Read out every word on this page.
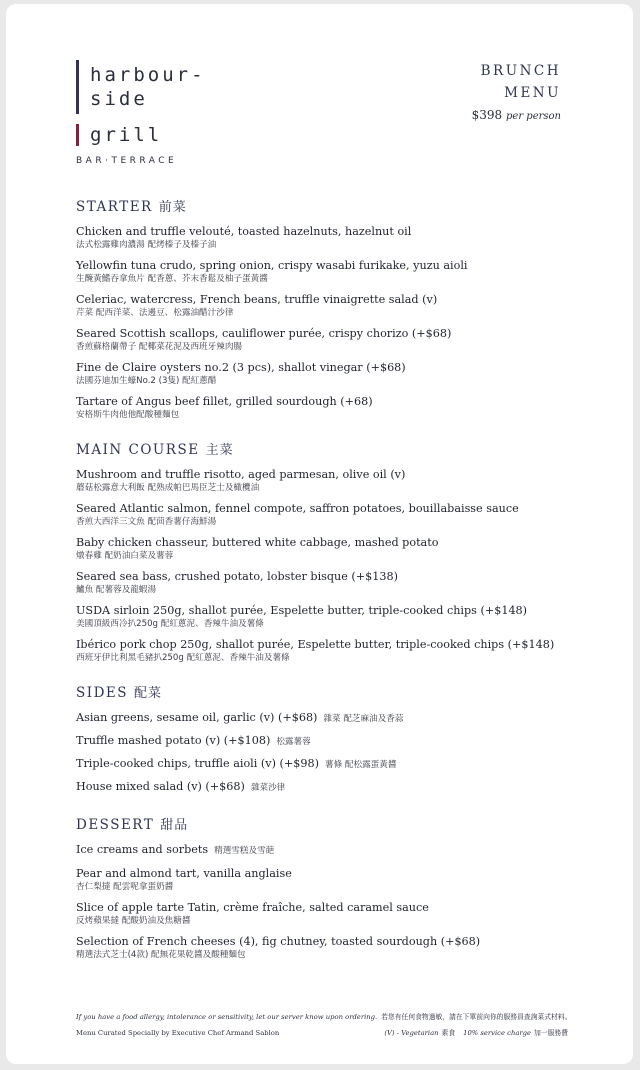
harbour-
side
grill
BAR·TERRACE
BRUNCH
MENU
$398 per person
STARTER 前菜
Chicken and truffle velouté, toasted hazelnuts, hazelnut oil
法式松露雞肉濃湯 配烤榛子及榛子油
Yellowfin tuna crudo, spring onion, crispy wasabi furikake, yuzu aioli
生醃黃鰭吞拿魚片 配香蔥、芥末香鬆及柚子蛋黃醬
Celeriac, watercress, French beans, truffle vinaigrette salad (v)
芹菜 配西洋菜、法邊豆、松露油醋汁沙律
Seared Scottish scallops, cauliflower purée, crispy chorizo (+$68)
香煎蘇格蘭帶子 配椰菜花泥及西班牙辣肉腸
Fine de Claire oysters no.2 (3 pcs), shallot vinegar (+$68)
法國芬迪加生蠔No.2 (3隻) 配紅蔥醋
Tartare of Angus beef fillet, grilled sourdough (+68)
安格斯牛肉他他配酸種麵包
MAIN COURSE 主菜
Mushroom and truffle risotto, aged parmesan, olive oil (v)
蘑菇松露意大利飯 配熟成帕巴馬臣芝士及橄欖油
Seared Atlantic salmon, fennel compote, saffron potatoes, bouillabaisse sauce
香煎大西洋三文魚 配茴香薯仔海鮮湯
Baby chicken chasseur, buttered white cabbage, mashed potato
燉春雞 配奶油白菜及薯蓉
Seared sea bass, crushed potato, lobster bisque (+$138)
鱸魚 配薯蓉及龍蝦湯
USDA sirloin 250g, shallot purée, Espelette butter, triple-cooked chips (+$148)
美國頂級西冷扒250g 配紅蔥泥、香辣牛油及薯條
Ibérico pork chop 250g, shallot purée, Espelette butter, triple-cooked chips (+$148)
西班牙伊比利黑毛豬扒250g 配紅蔥泥、香辣牛油及薯條
SIDES 配菜
Asian greens, sesame oil, garlic (v) (+$68) 雜菜 配芝麻油及香蒜
Truffle mashed potato (v) (+$108) 松露薯蓉
Triple-cooked chips, truffle aioli (v) (+$98) 薯條 配松露蛋黃醬
House mixed salad (v) (+$68) 雜菜沙律
DESSERT 甜品
Ice creams and sorbets 精選雪糕及雪葩
Pear and almond tart, vanilla anglaise
杏仁梨撻 配雲呢拿蛋奶醬
Slice of apple tarte Tatin, crème fraîche, salted caramel sauce
反烤蘋果撻 配酸奶油及焦糖醬
Selection of French cheeses (4), fig chutney, toasted sourdough (+$68)
精選法式芝士(4款) 配無花果乾醬及酸種麵包
If you have a food allergy, intolerance or sensitivity, let our server know upon ordering. 若您有任何食物過敏，請在下單前向你的服務員查詢菜式材料。
Menu Curated Specially by Executive Chef Armand Sablon	(V) - Vegetarian 素食 10% service charge 加一服務費
